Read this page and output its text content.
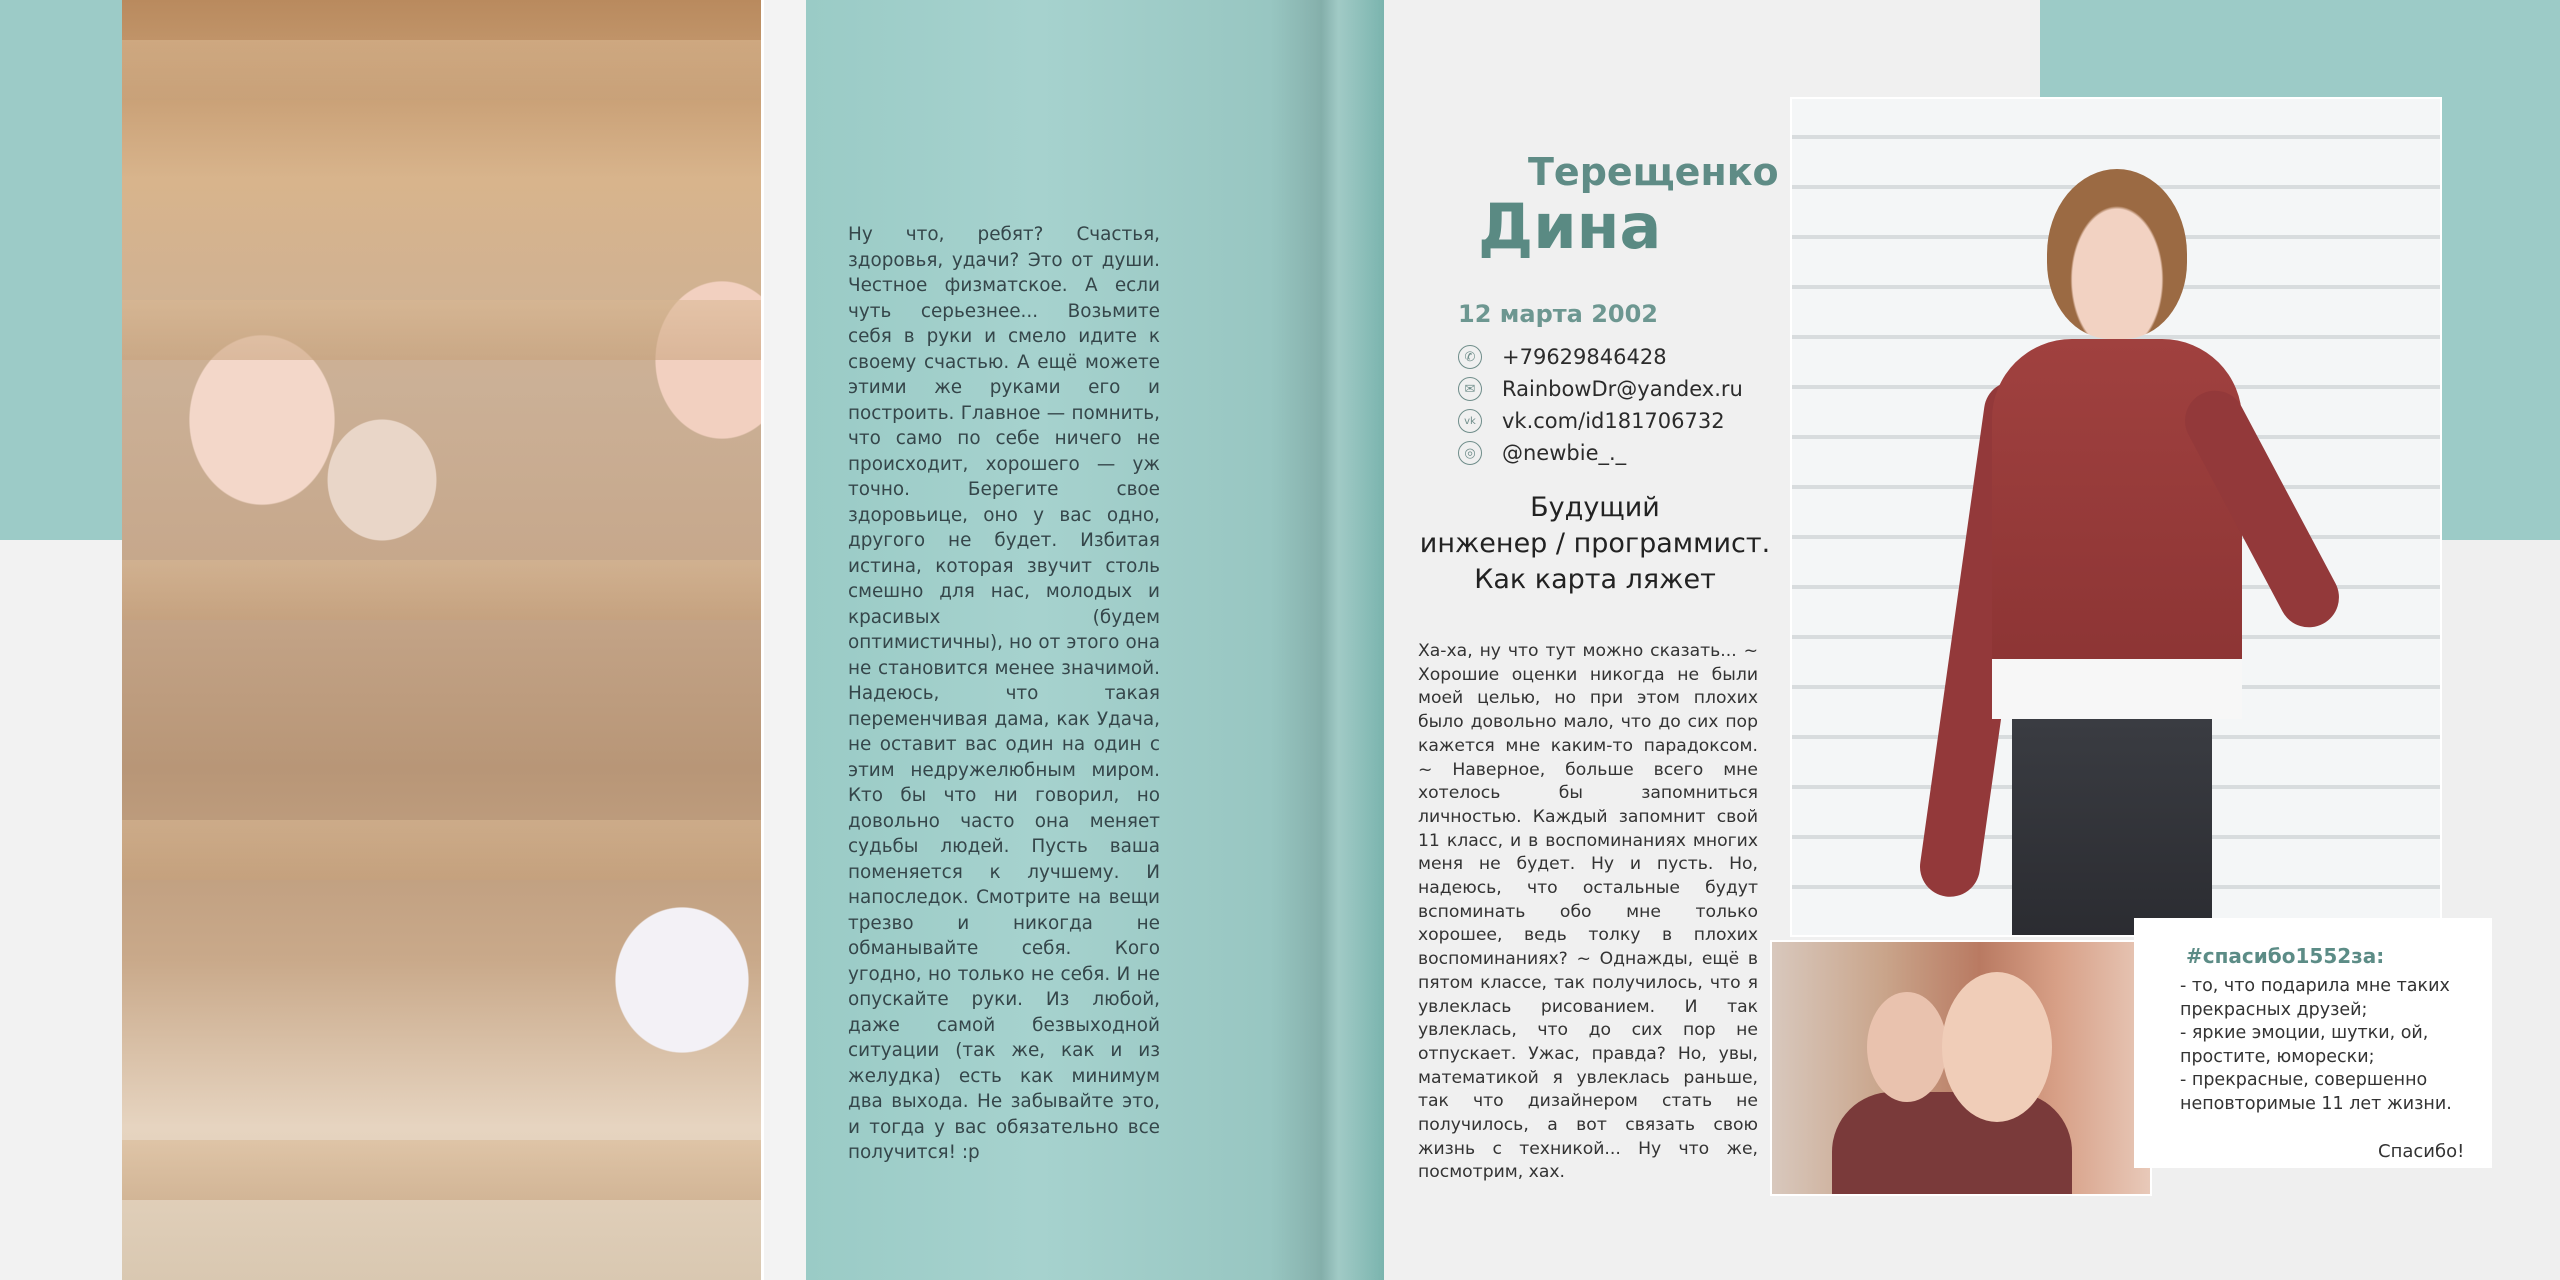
Ну что, ребят? Счастья, здоровья, удачи? Это от души. Честное физматское. А если чуть серьезнее... Возьмите себя в руки и смело идите к своему счастью. А ещё можете этими же руками его и построить. Главное — помнить, что само по себе ничего не происходит, хорошего — уж точно. Берегите свое здоровьице, оно у вас одно, другого не будет. Избитая истина, которая звучит столь смешно для нас, молодых и красивых (будем оптимистичны), но от этого она не становится менее значимой. Надеюсь, что такая переменчивая дама, как Удача, не оставит вас один на один с этим недружелюбным миром. Кто бы что ни говорил, но довольно часто она меняет судьбы людей. Пусть ваша поменяется к лучшему. И напоследок. Смотрите на вещи трезво и никогда не обманывайте себя. Кого угодно, но только не себя. И не опускайте руки. Из любой, даже самой безвыходной ситуации (так же, как и из желудка) есть как минимум два выхода. Не забывайте это, и тогда у вас обязательно все получится! :p

Терещенко
Дина

12 марта 2002

✆	+79629846428
✉	RainbowDr@yandex.ru
vk vk.com/id181706732
◎	@newbie_._

Будущий
инженер / программист.
Как карта ляжет

Ха-ха, ну что тут можно сказать... ~ Хорошие оценки никогда не были моей целью, но при этом плохих было довольно мало, что до сих пор кажется мне каким-то парадоксом. ~ Наверное, больше всего мне хотелось бы запомниться личностью. Каждый запомнит свой 11 класс, и в воспоминаниях многих меня не будет. Ну и пусть. Но, надеюсь, что остальные будут вспоминать обо мне только хорошее, ведь толку в плохих воспоминаниях? ~ Однажды, ещё в пятом классе, так получилось, что я увлеклась рисованием. И так увлеклась, что до сих пор не отпускает. Ужас, правда? Но, увы, математикой я увлеклась раньше, так что дизайнером стать не получилось, а вот связать свою жизнь с техникой... Ну что же, посмотрим, хах.

#спасибо1552за:

- то, что подарила мне таких прекрасных друзей;

- яркие эмоции, шутки, ой, простите, юморески;

- прекрасные, совершенно неповторимые 11 лет жизни.

Спасибо!
